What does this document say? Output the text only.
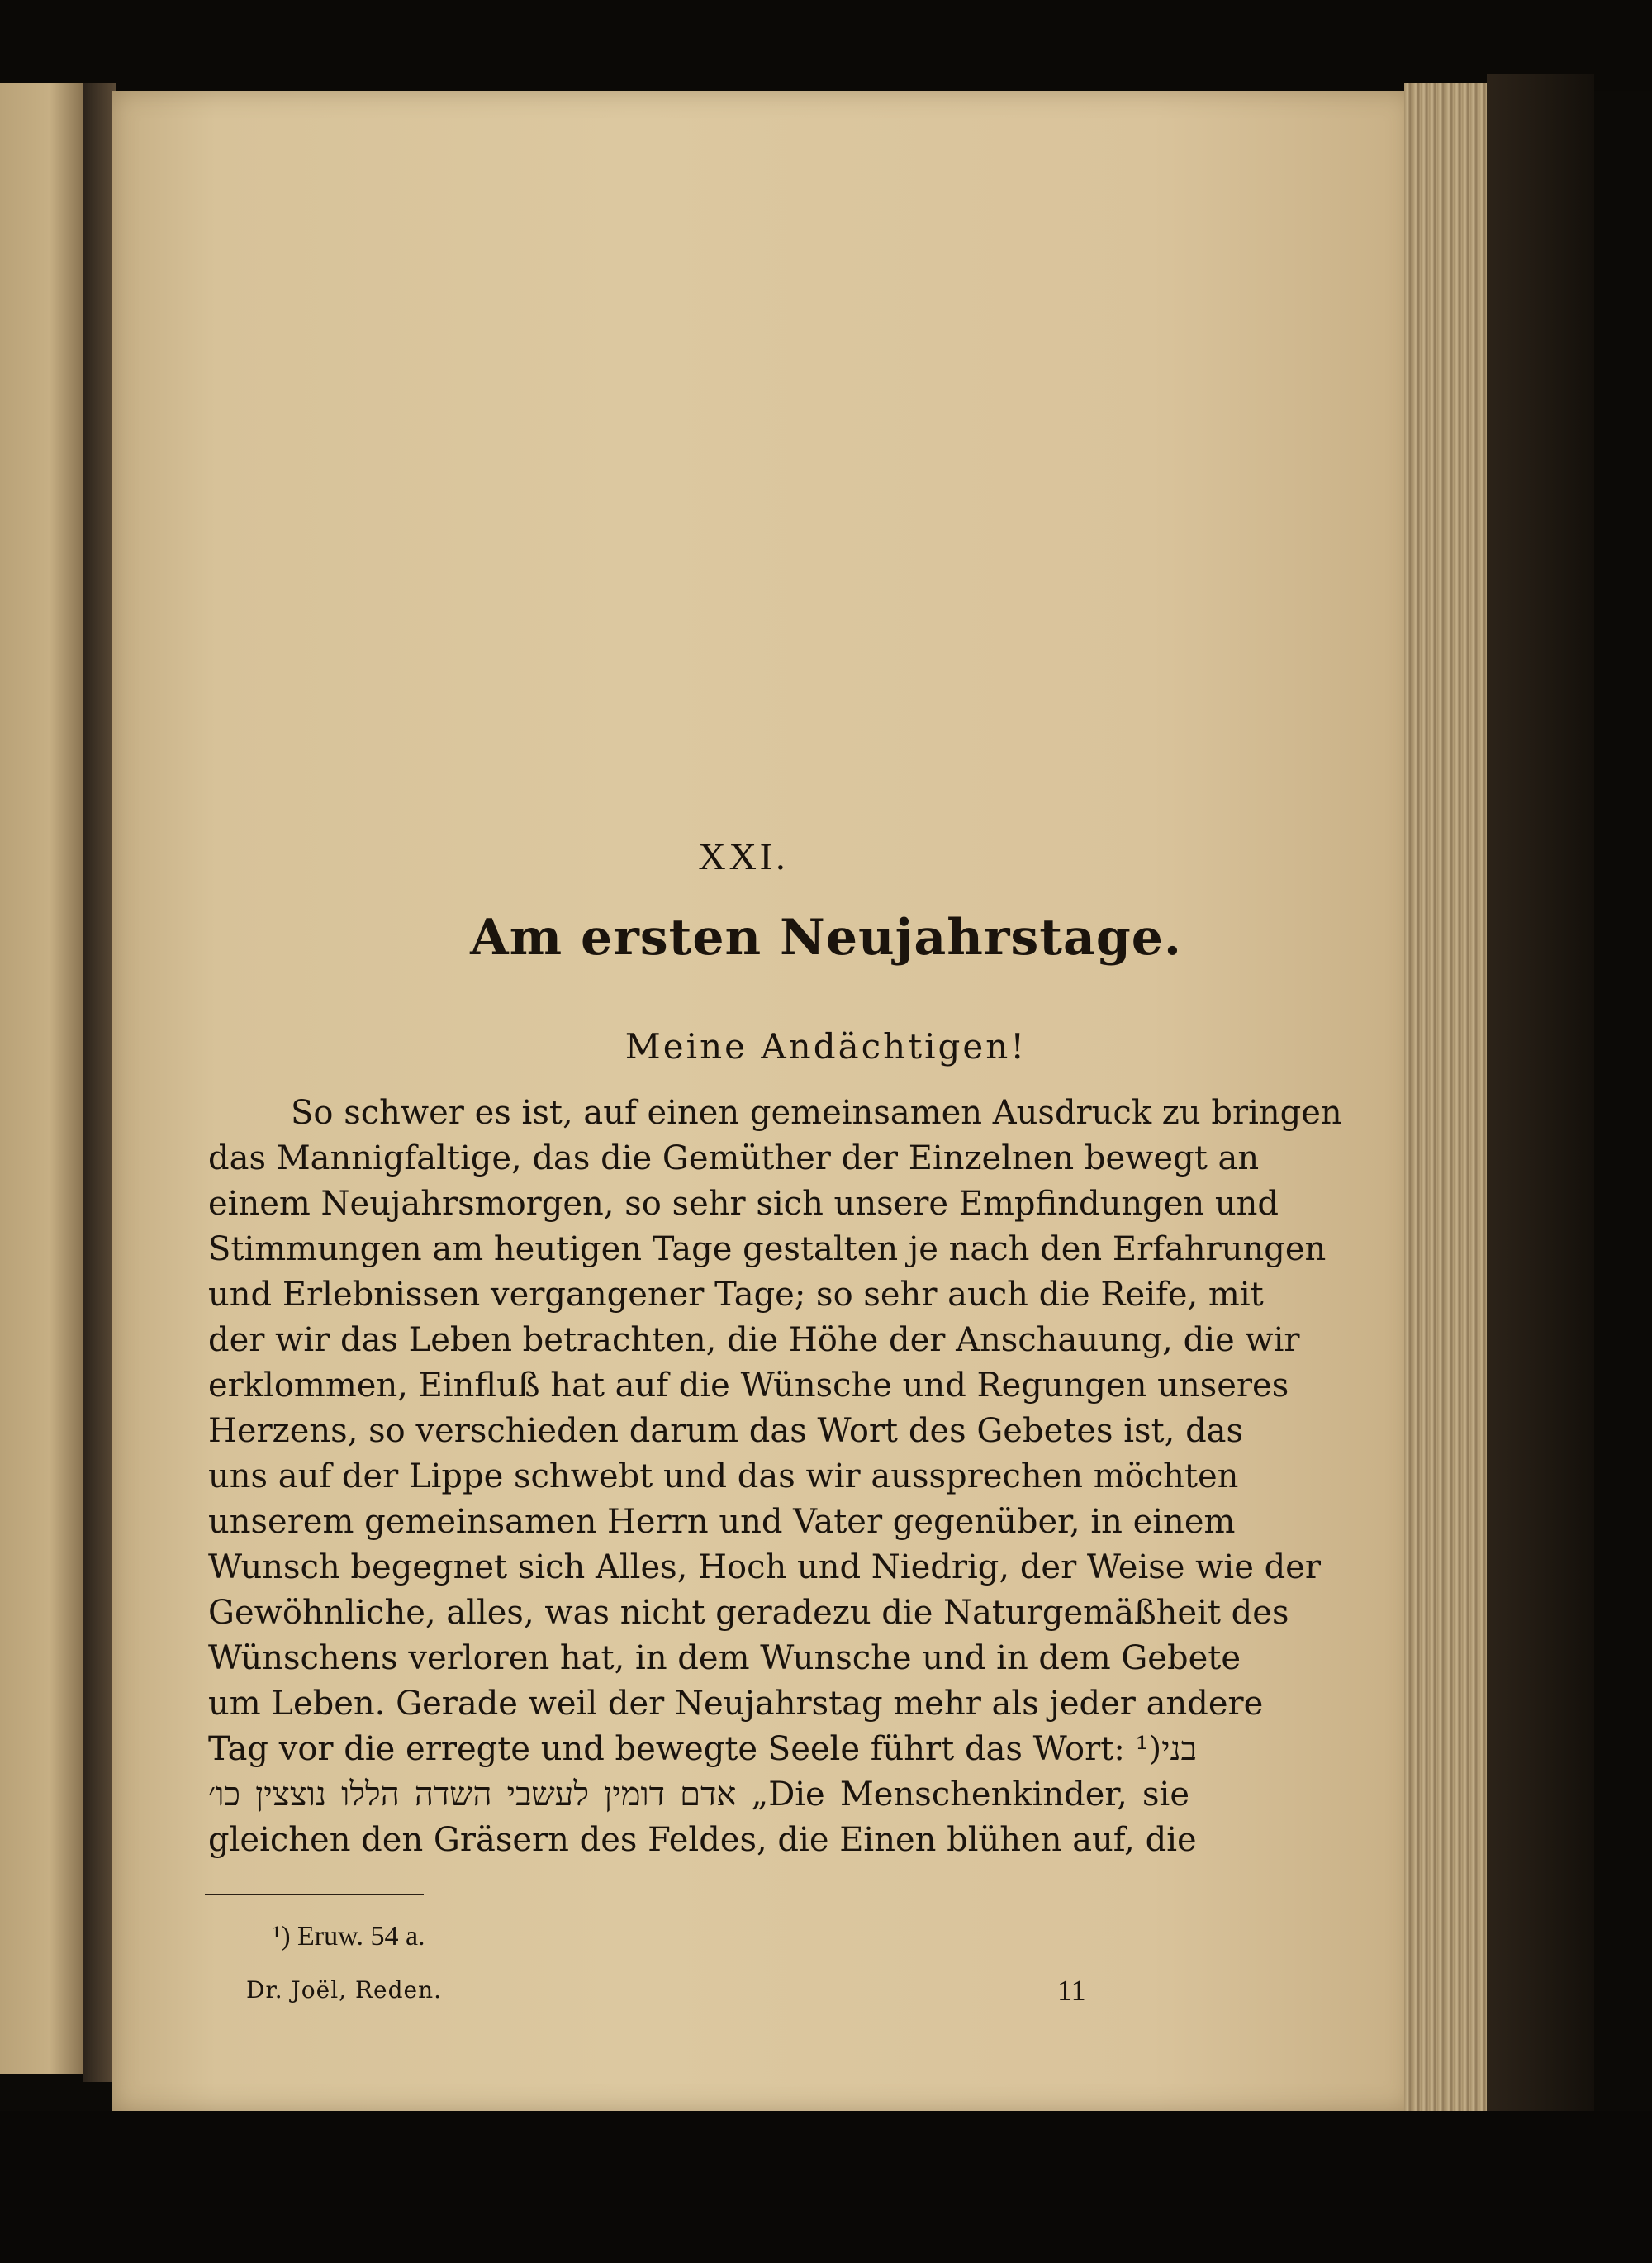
XXI.
Am ersten Neujahrstage.
Meine Andächtigen!
So schwer es ist, auf einen gemeinsamen Ausdruck zu bringen
das Mannigfaltige, das die Gemüther der Einzelnen bewegt an
einem Neujahrsmorgen, so sehr sich unsere Empfindungen und
Stimmungen am heutigen Tage gestalten je nach den Erfahrungen
und Erlebnissen vergangener Tage; so sehr auch die Reife, mit
der wir das Leben betrachten, die Höhe der Anschauung, die wir
erklommen, Einfluß hat auf die Wünsche und Regungen unseres
Herzens, so verschieden darum das Wort des Gebetes ist, das
uns auf der Lippe schwebt und das wir aussprechen möchten
unserem gemeinsamen Herrn und Vater gegenüber, in einem
Wunsch begegnet sich Alles, Hoch und Niedrig, der Weise wie der
Gewöhnliche, alles, was nicht geradezu die Naturgemäßheit des
Wünschens verloren hat, in dem Wunsche und in dem Gebete
um Leben. Gerade weil der Neujahrstag mehr als jeder andere
Tag vor die erregte und bewegte Seele führt das Wort: ¹)בני
אדם דומין לעשבי השדה הללו נוצצין כו׳ „Die Menschenkinder, sie
gleichen den Gräsern des Feldes, die Einen blühen auf, die
¹) Eruw. 54 a.
Dr. Joël, Reden.	11
